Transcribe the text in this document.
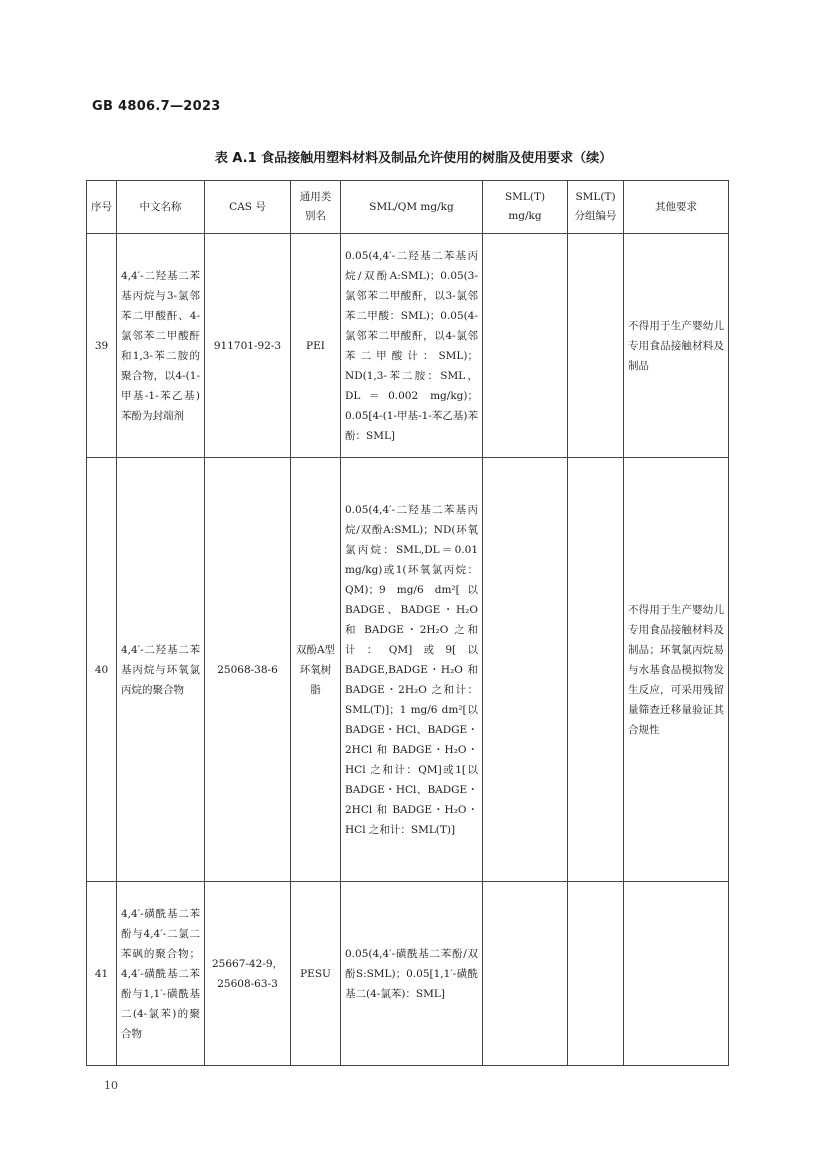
GB 4806.7—2023
表 A.1 食品接触用塑料材料及制品允许使用的树脂及使用要求（续）
序号	中文名称	CAS 号	通用类别名	SML/QM mg/kg	SML(T) mg/kg	SML(T)分组编号	其他要求
39	4,4′-二羟基二苯基丙烷与3-氯邻苯二甲酸酐、4-氯邻苯二甲酸酐和1,3-苯二胺的聚合物，以4-(1-甲基-1-苯乙基)苯酚为封端剂	911701-92-3	PEI	0.05(4,4′-二羟基二苯基丙烷/双酚A:SML)；0.05(3-氯邻苯二甲酸酐，以3-氯邻苯二甲酸：SML)；0.05(4-氯邻苯二甲酸酐，以4-氯邻苯二甲酸计：SML)；ND(1,3-苯二胺：SML，DL＝0.002 mg/kg)；0.05[4-(1-甲基-1-苯乙基)苯酚：SML]			不得用于生产婴幼儿专用食品接触材料及制品
40	4,4′-二羟基二苯基丙烷与环氧氯丙烷的聚合物	25068-38-6	双酚A型环氧树脂	0.05(4,4′-二羟基二苯基丙烷/双酚A:SML)；ND(环氧氯丙烷：SML,DL＝0.01 mg/kg)或1(环氧氯丙烷：QM)；9 mg/6 dm²[以BADGE、BADGE・H₂O 和 BADGE・2H₂O 之和计：QM]或9[以 BADGE,BADGE・H₂O 和 BADGE・2H₂O 之和计：SML(T)]；1 mg/6 dm²[以BADGE・HCl、BADGE・2HCl 和 BADGE・H₂O・HCl 之和计：QM]或1[以BADGE・HCl、BADGE・2HCl 和 BADGE・H₂O・HCl 之和计：SML(T)]			不得用于生产婴幼儿专用食品接触材料及制品；环氧氯丙烷易与水基食品模拟物发生反应，可采用残留量筛查迁移量验证其合规性
41	4,4′-磺酰基二苯酚与4,4′-二氯二苯砜的聚合物；4,4′-磺酰基二苯酚与1,1′-磺酰基二(4-氯苯)的聚合物	25667-42-9，25608-63-3	PESU	0.05(4,4′-磺酰基二苯酚/双酚S:SML)；0.05[1,1′-磺酰基二(4-氯苯)：SML]			
10
